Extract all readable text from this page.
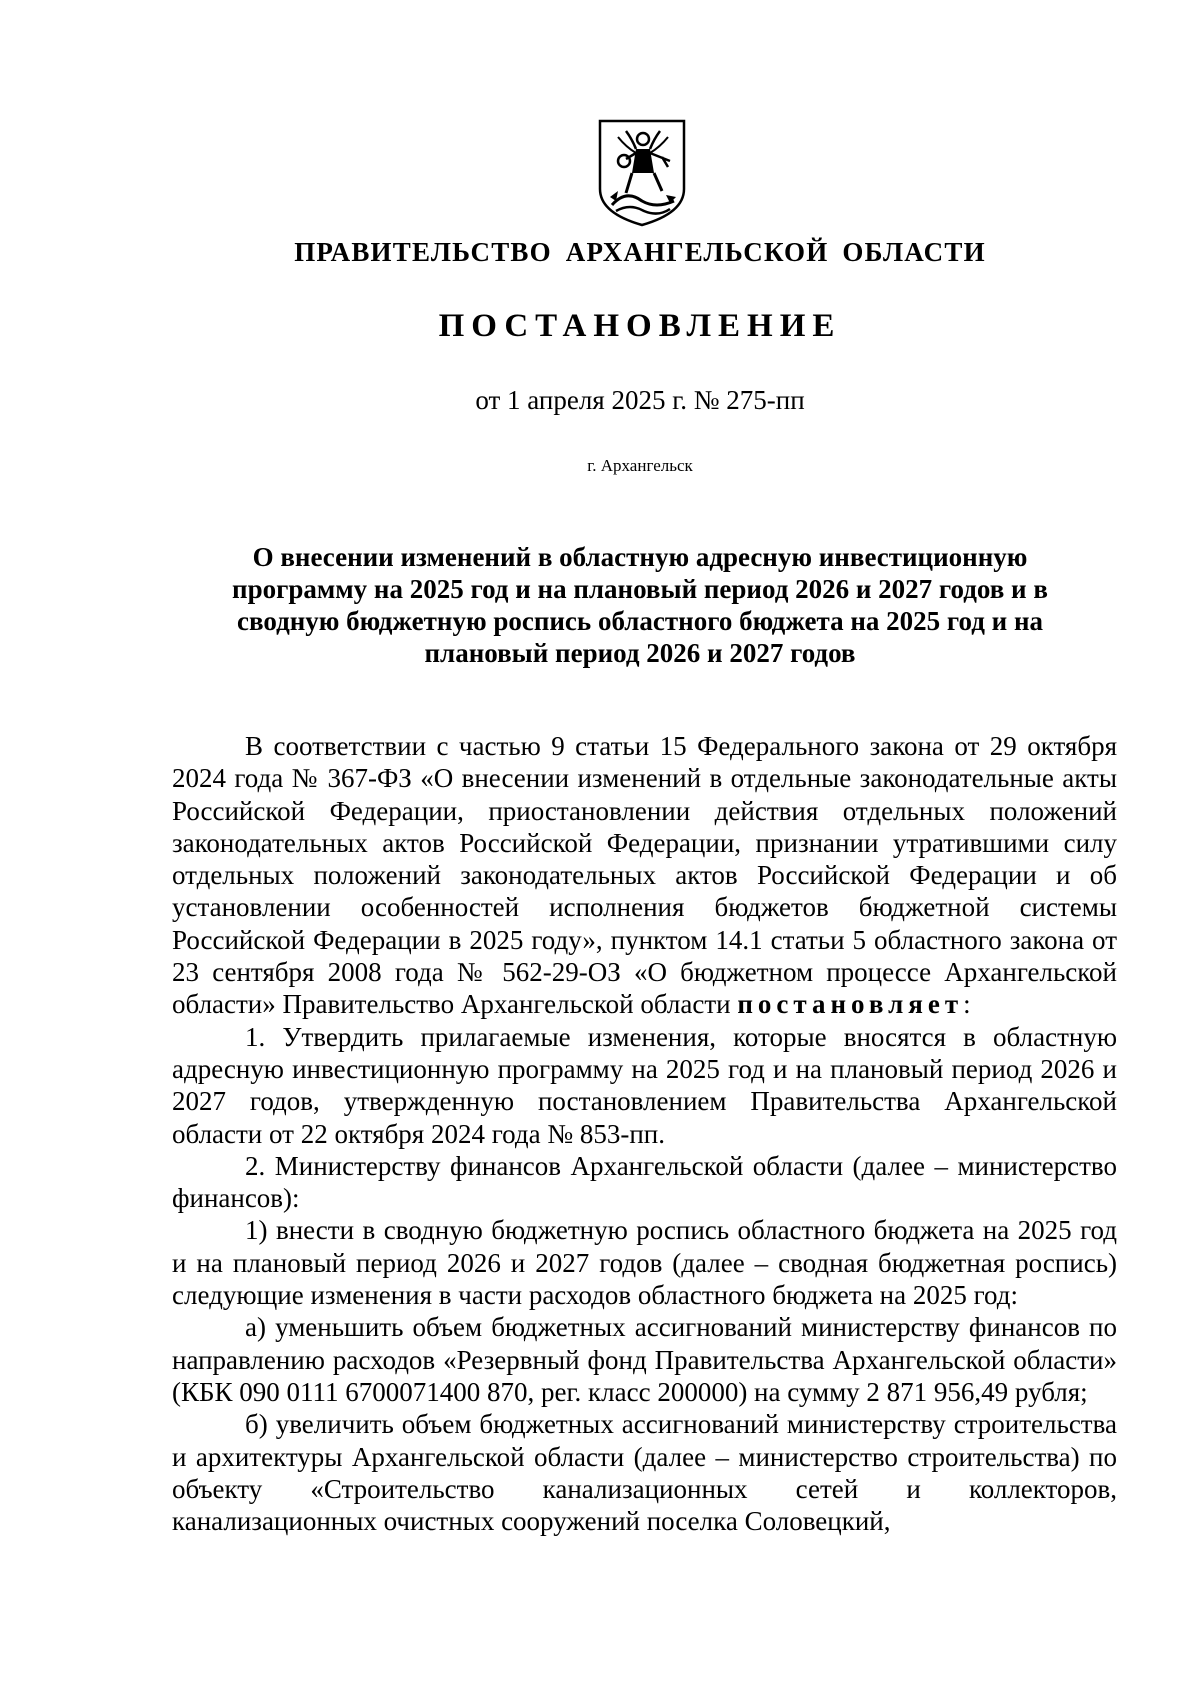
ПРАВИТЕЛЬСТВО АРХАНГЕЛЬСКОЙ ОБЛАСТИ
ПОСТАНОВЛЕНИЕ
от 1 апреля 2025 г. № 275-пп
г. Архангельск
О внесении изменений в областную адресную инвестиционную программу на 2025 год и на плановый период 2026 и 2027 годов и в сводную бюджетную роспись областного бюджета на 2025 год и на плановый период 2026 и 2027 годов

В соответствии с частью 9 статьи 15 Федерального закона от 29 октября 2024 года № 367-ФЗ «О внесении изменений в отдельные законодательные акты Российской Федерации, приостановлении действия отдельных положений законодательных актов Российской Федерации, признании утратившими силу отдельных положений законодательных актов Российской Федерации и об установлении особенностей исполнения бюджетов бюджетной системы Российской Федерации в 2025 году», пунктом 14.1 статьи 5 областного закона от 23 сентября 2008 года № 562-29-ОЗ «О бюджетном процессе Архангельской области» Правительство Архангельской области постановляет:

1. Утвердить прилагаемые изменения, которые вносятся в областную адресную инвестиционную программу на 2025 год и на плановый период 2026 и 2027 годов, утвержденную постановлением Правительства Архангельской области от 22 октября 2024 года № 853-пп.

2. Министерству финансов Архангельской области (далее – министерство финансов):

1) внести в сводную бюджетную роспись областного бюджета на 2025 год и на плановый период 2026 и 2027 годов (далее – сводная бюджетная роспись) следующие изменения в части расходов областного бюджета на 2025 год:

а) уменьшить объем бюджетных ассигнований министерству финансов по направлению расходов «Резервный фонд Правительства Архангельской области» (КБК 090 0111 6700071400 870, рег. класс 200000) на сумму 2 871 956,49 рубля;

б) увеличить объем бюджетных ассигнований министерству строительства и архитектуры Архангельской области (далее – министерство строительства) по объекту «Строительство канализационных сетей и коллекторов, канализационных очистных сооружений поселка Соловецкий,
